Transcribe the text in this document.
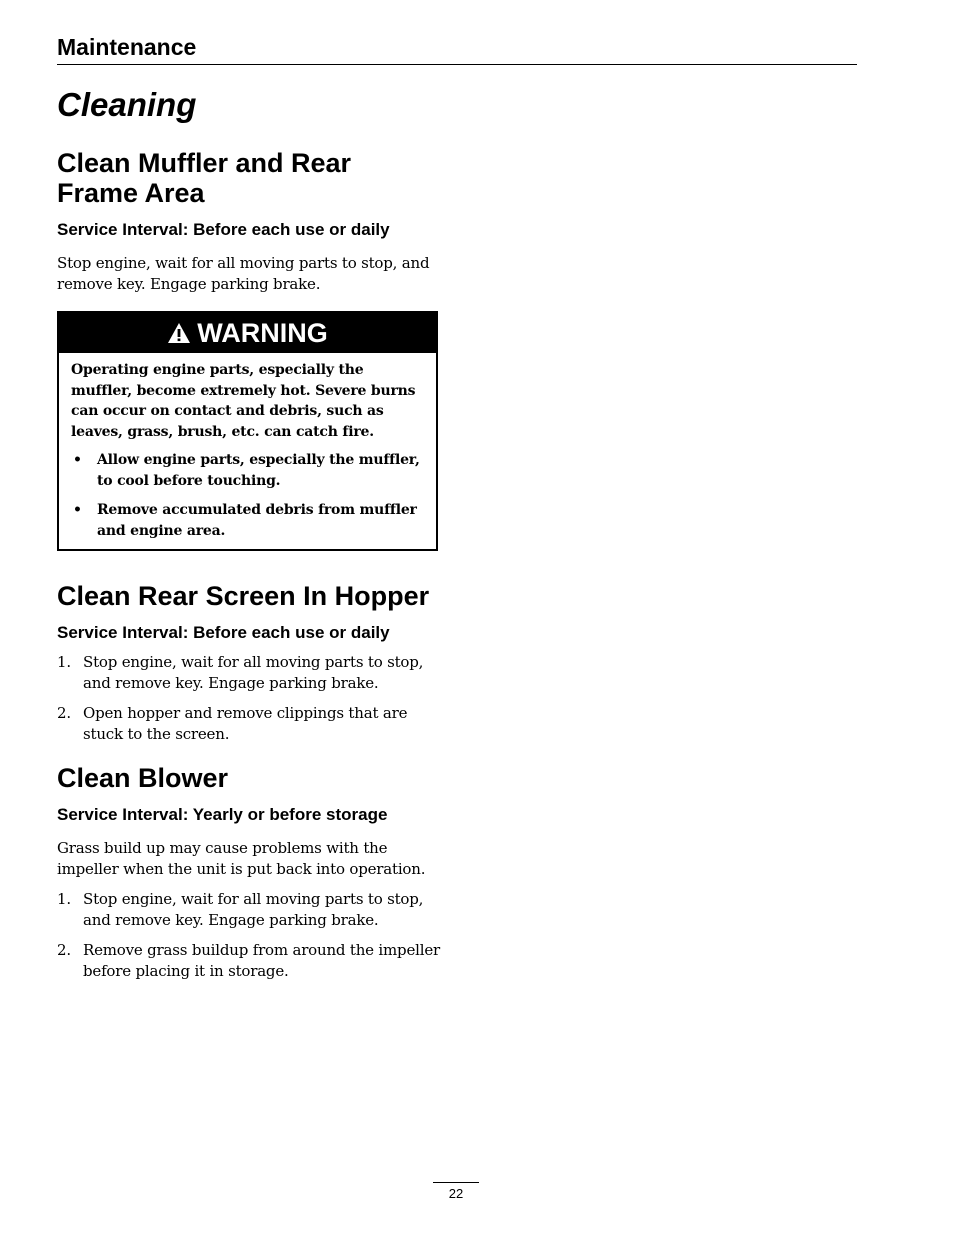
Maintenance
Cleaning
Clean Muffler and Rear Frame Area
Service Interval: Before each use or daily
Stop engine, wait for all moving parts to stop, and remove key. Engage parking brake.
WARNING
Operating engine parts, especially the muffler, become extremely hot. Severe burns can occur on contact and debris, such as leaves, grass, brush, etc. can catch fire.
• Allow engine parts, especially the muffler, to cool before touching.
• Remove accumulated debris from muffler and engine area.
Clean Rear Screen In Hopper
Service Interval: Before each use or daily
1. Stop engine, wait for all moving parts to stop, and remove key. Engage parking brake.
2. Open hopper and remove clippings that are stuck to the screen.
Clean Blower
Service Interval: Yearly or before storage
Grass build up may cause problems with the impeller when the unit is put back into operation.
1. Stop engine, wait for all moving parts to stop, and remove key. Engage parking brake.
2. Remove grass buildup from around the impeller before placing it in storage.
22
